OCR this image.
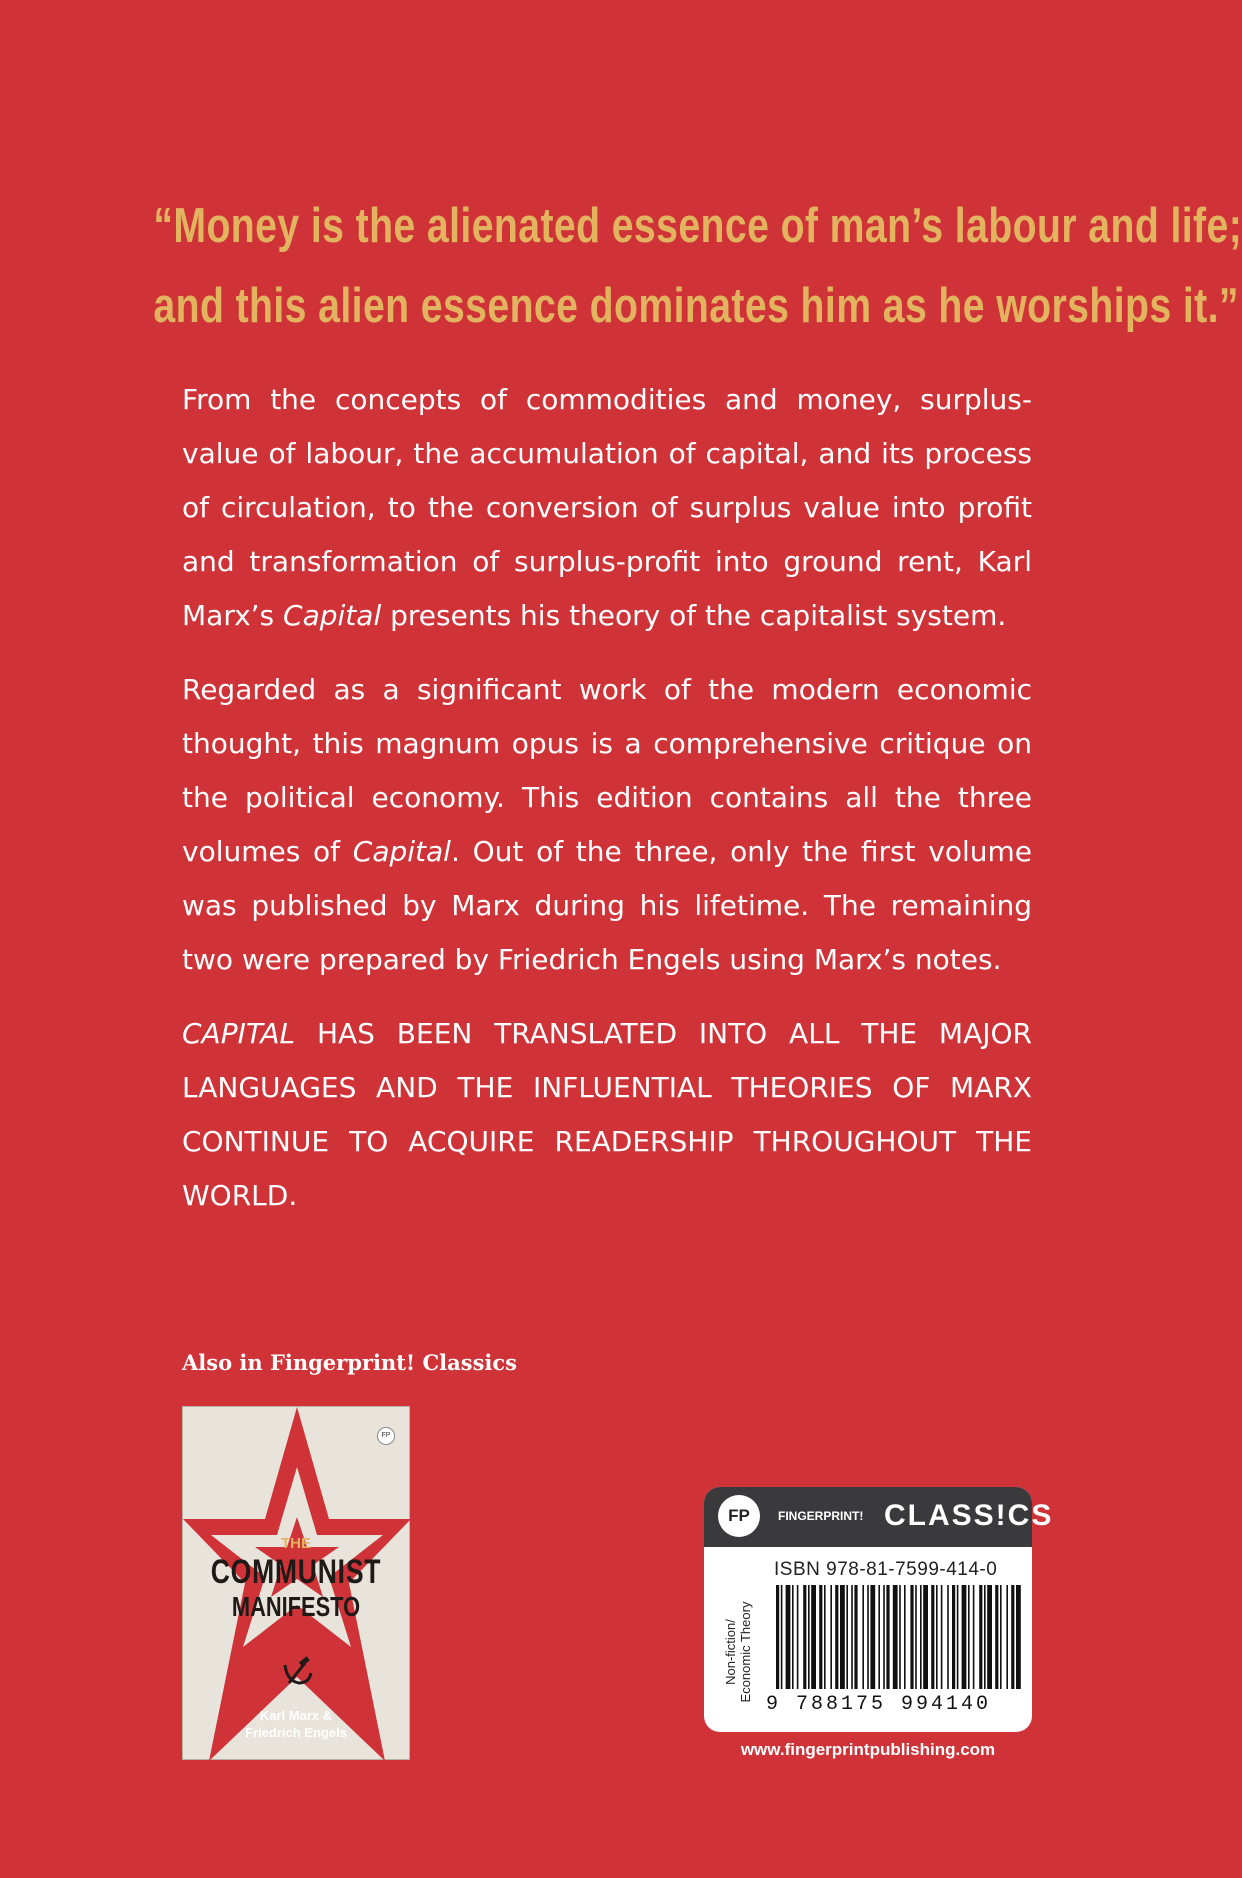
“Money is the alienated essence of man’s labour and life;
and this alien essence dominates him as he worships it.”

From the concepts of commodities and money, surplus-value of labour, the accumulation of capital, and its process of circulation, to the conversion of surplus value into profit and transformation of surplus-profit into ground rent, Karl Marx’s Capital presents his theory of the capitalist system.

Regarded as a significant work of the modern economic thought, this magnum opus is a comprehensive critique on the political economy. This edition contains all the three volumes of Capital. Out of the three, only the first volume was published by Marx during his lifetime. The remaining two were prepared by Friedrich Engels using Marx’s notes.

CAPITAL HAS BEEN TRANSLATED INTO ALL THE MAJOR LANGUAGES AND THE INFLUENTIAL THEORIES OF MARX CONTINUE TO ACQUIRE READERSHIP THROUGHOUT THE WORLD.

Also in Fingerprint! Classics
FP
THE
COMMUNIST
MANIFESTO
Karl Marx &
Friedrich Engels
FP	FINGERPRINT! CLASS!CS
ISBN 978-81-7599-414-0
Non-fiction/
Economic Theory
9 788175 994140
www.fingerprintpublishing.com
